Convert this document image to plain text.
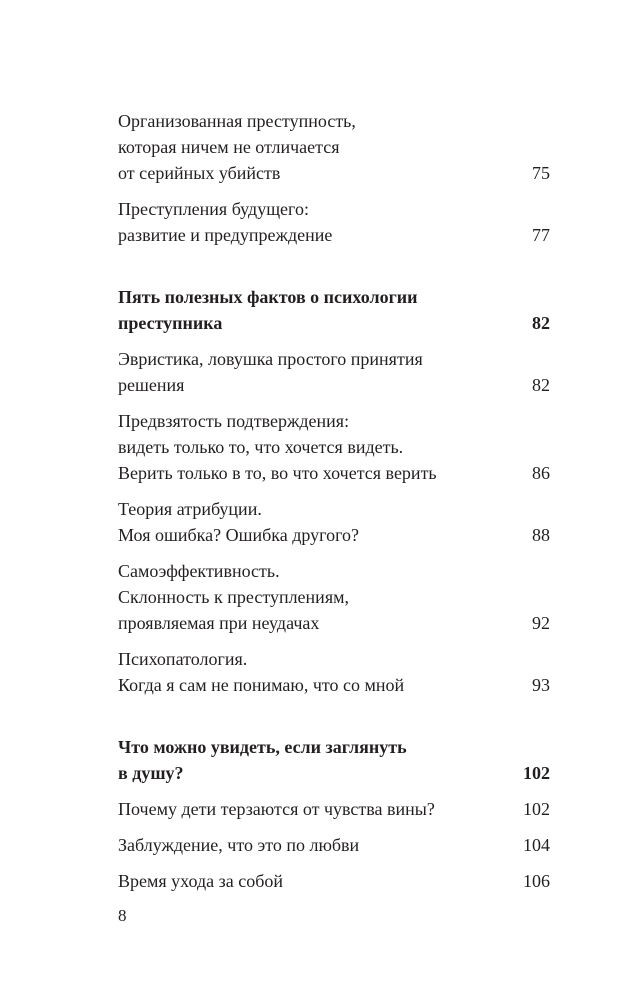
Организованная преступность,
которая ничем не отличается
от серийных убийств	75
Преступления будущего:
развитие и предупреждение	77
Пять полезных фактов о психологии
преступника	82
Эвристика, ловушка простого принятия
решения	82
Предвзятость подтверждения:
видеть только то, что хочется видеть.
Верить только в то, во что хочется верить	86
Теория атрибуции.
Моя ошибка? Ошибка другого?	88
Самоэффективность.
Склонность к преступлениям,
проявляемая при неудачах	92
Психопатология.
Когда я сам не понимаю, что со мной	93
Что можно увидеть, если заглянуть
в душу?	102
Почему дети терзаются от чувства вины?	102
Заблуждение, что это по любви	104
Время ухода за собой	106
8
